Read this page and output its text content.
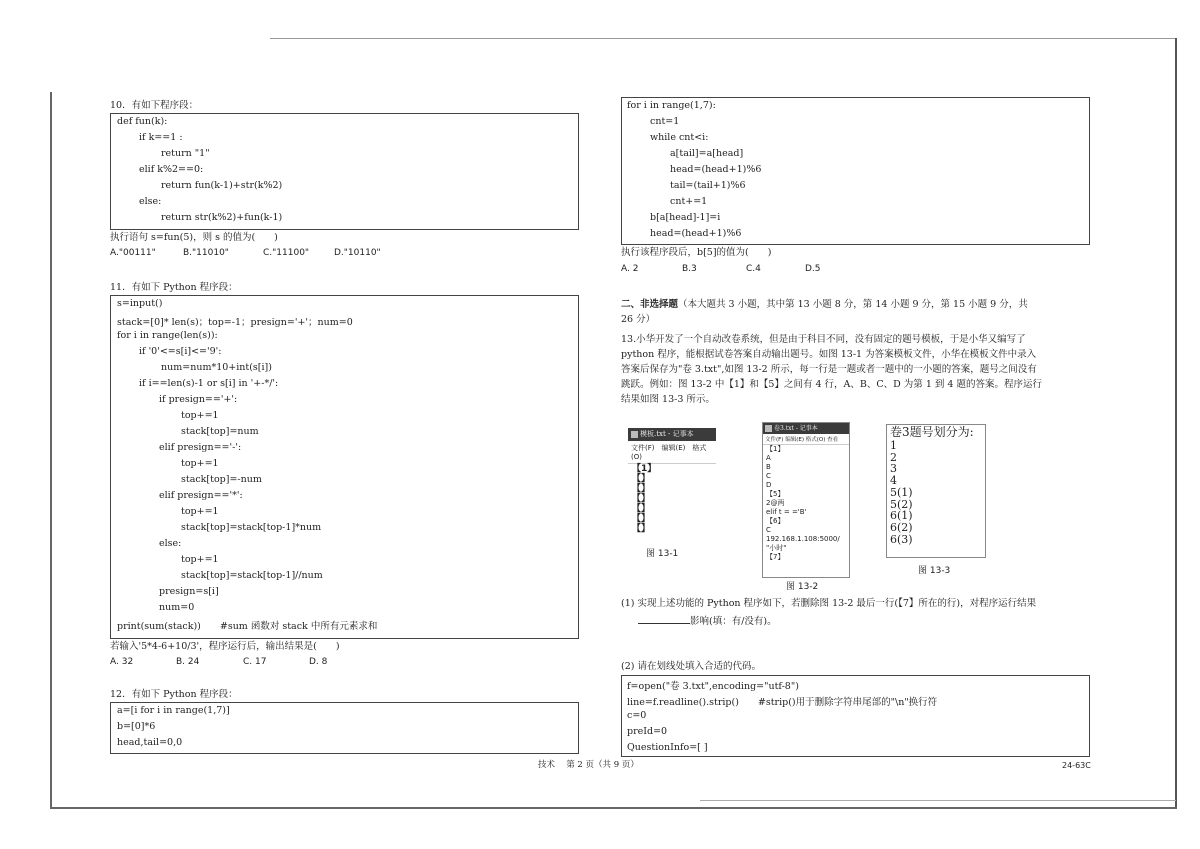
10．有如下程序段：
def fun(k):
if k==1 :
return "1"
elif k%2==0:
return fun(k-1)+str(k%2)
else:
return str(k%2)+fun(k-1)
执行语句 s=fun(5)，则 s 的值为(　　)
A."00111"	B."11010"	C."11100"	D."10110"
11．有如下 Python 程序段：
s=input()
stack=[0]* len(s)；top=-1；presign='+'；num=0
for i in range(len(s)):
if '0'<=s[i]<='9':
num=num*10+int(s[i])
if i==len(s)-1 or s[i] in '+-*/':
if presign=='+':
top+=1
stack[top]=num
elif presign=='-':
top+=1
stack[top]=-num
elif presign=='*':
top+=1
stack[top]=stack[top-1]*num
else:
top+=1
stack[top]=stack[top-1]//num
presign=s[i]
num=0
print(sum(stack))　　#sum 函数对 stack 中所有元素求和
若输入'5*4-6+10/3'，程序运行后，输出结果是(　　)
A. 32	B. 24	C. 17	D. 8
12．有如下 Python 程序段：
a=[i for i in range(1,7)]
b=[0]*6
head,tail=0,0
for i in range(1,7):
cnt=1
while cnt<i:
a[tail]=a[head]
head=(head+1)%6
tail=(tail+1)%6
cnt+=1
b[a[head]-1]=i
head=(head+1)%6
执行该程序段后，b[5]的值为(　　)
A. 2	B.3	C.4	D.5
二、非选择题（本大题共 3 小题，其中第 13 小题 8 分，第 14 小题 9 分，第 15 小题 9 分，共
26 分）
13.小华开发了一个自动改卷系统，但是由于科目不同，没有固定的题号模板，于是小华又编写了
python 程序，能根据试卷答案自动输出题号。如图 13-1 为答案模板文件，小华在模板文件中录入
答案后保存为"卷 3.txt",如图 13-2 所示，每一行是一题或者一题中的一小题的答案，题号之间没有
跳跃。例如：图 13-2 中【1】和【5】之间有 4 行，A、B、C、D 为第 1 到 4 题的答案。程序运行
结果如图 13-3 所示。
模板.txt - 记事本
文件(F)　编辑(E)　格式(O)
【1】
【】
【】
【】
【】
【】
【】
图 13-1
卷3.txt - 记事本
文件(F) 编辑(E) 格式(O) 查看
【1】
A
B
C
D
【5】
2@两
elif t = ='B'
【6】
C
192.168.1.108:5000/
"小时"
【7】
图 13-2
卷3题号划分为:
1
2
3
4
5(1)
5(2)
6(1)
6(2)
6(3)
图 13-3
(1) 实现上述功能的 Python 程序如下，若删除图 13-2 最后一行(【7】所在的行)，对程序运行结果
影响(填：有/没有)。
(2) 请在划线处填入合适的代码。
f=open("卷 3.txt",encoding="utf-8")
line=f.readline().strip()　　#strip()用于删除字符串尾部的"\n"换行符
c=0
preId=0
QuestionInfo=[ ]
技术　 第 2 页（共 9 页）	24-63C
